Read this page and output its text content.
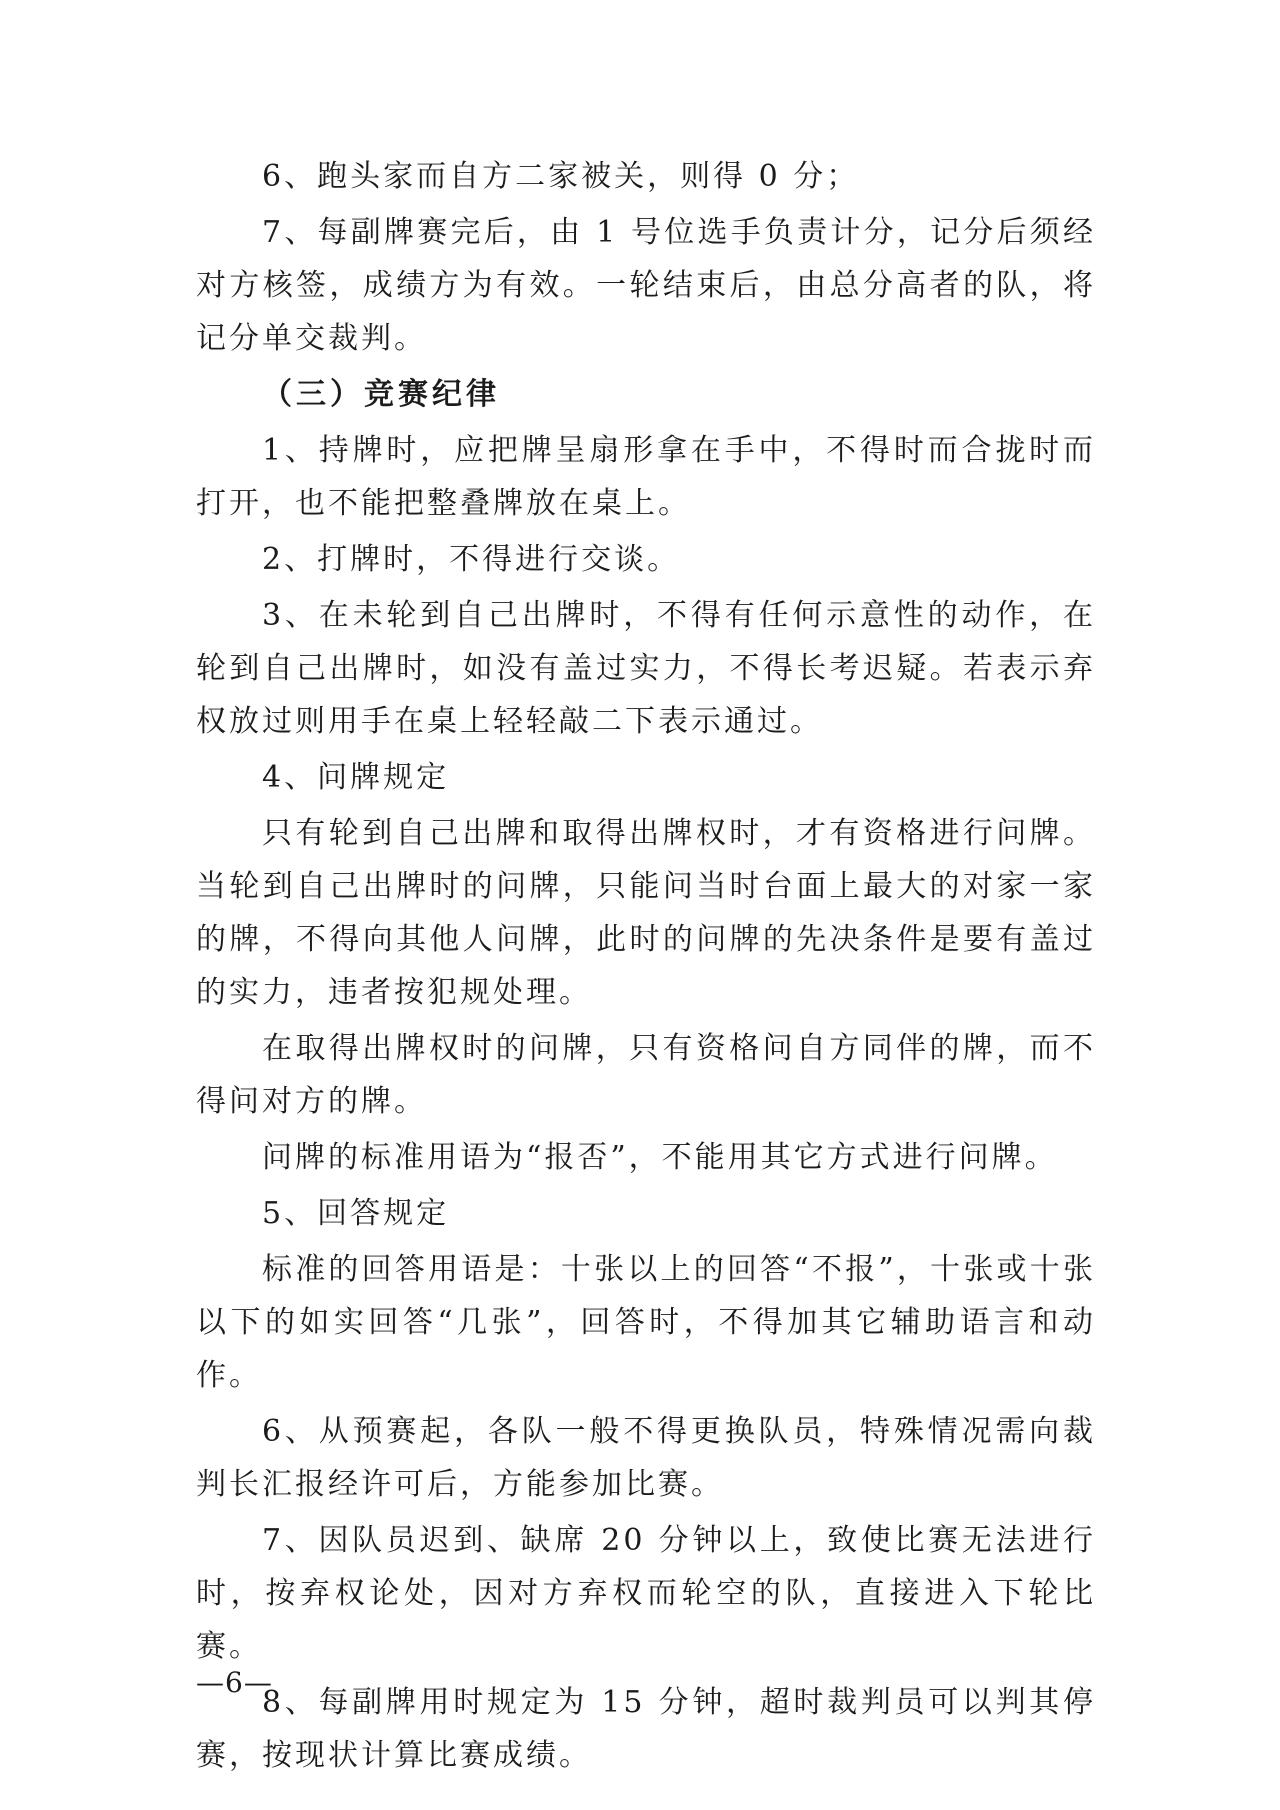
6、跑头家而自方二家被关，则得 0 分；

7、每副牌赛完后，由 1 号位选手负责计分，记分后须经对方核签，成绩方为有效。一轮结束后，由总分高者的队，将记分单交裁判。

（三）竞赛纪律

1、持牌时，应把牌呈扇形拿在手中，不得时而合拢时而打开，也不能把整叠牌放在桌上。

2、打牌时，不得进行交谈。

3、在未轮到自己出牌时，不得有任何示意性的动作，在轮到自己出牌时，如没有盖过实力，不得长考迟疑。若表示弃权放过则用手在桌上轻轻敲二下表示通过。

4、问牌规定

只有轮到自己出牌和取得出牌权时，才有资格进行问牌。当轮到自己出牌时的问牌，只能问当时台面上最大的对家一家的牌，不得向其他人问牌，此时的问牌的先决条件是要有盖过的实力，违者按犯规处理。

在取得出牌权时的问牌，只有资格问自方同伴的牌，而不得问对方的牌。

问牌的标准用语为“报否”，不能用其它方式进行问牌。

5、回答规定

标准的回答用语是：十张以上的回答“不报”，十张或十张以下的如实回答“几张”，回答时，不得加其它辅助语言和动作。

6、从预赛起，各队一般不得更换队员，特殊情况需向裁判长汇报经许可后，方能参加比赛。

7、因队员迟到、缺席 20 分钟以上，致使比赛无法进行时，按弃权论处，因对方弃权而轮空的队，直接进入下轮比赛。

8、每副牌用时规定为 15 分钟，超时裁判员可以判其停赛，按现状计算比赛成绩。

—6—
